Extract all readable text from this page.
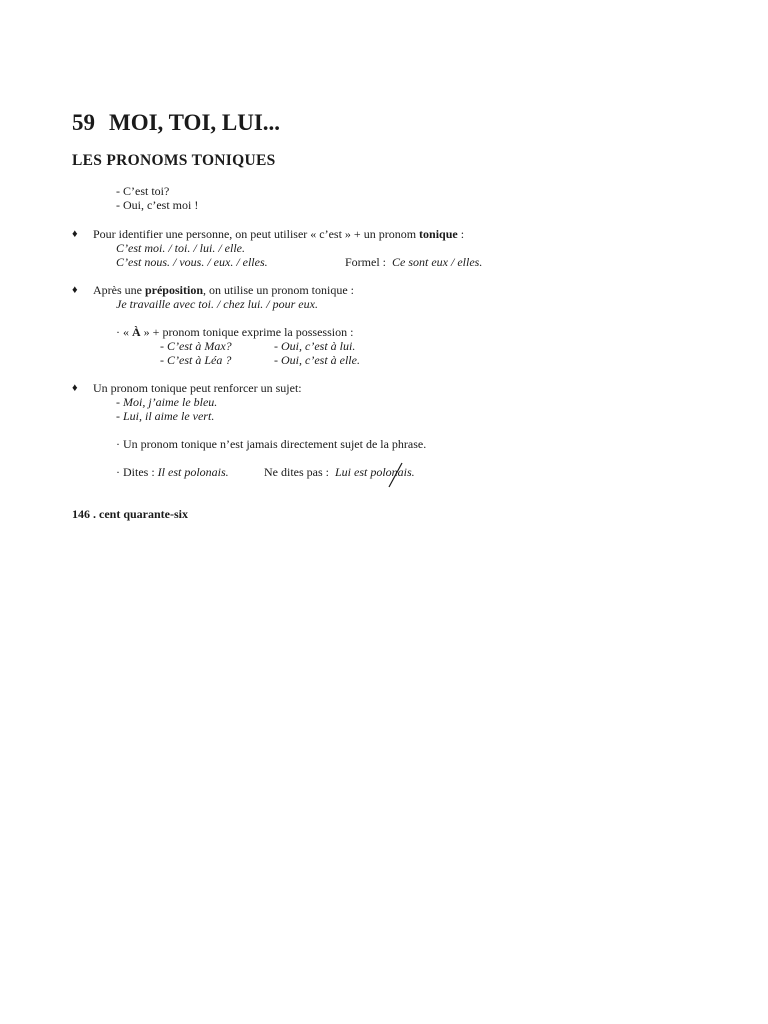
59 MOI, TOI, LUI...
LES PRONOMS TONIQUES
- C’est toi?
- Oui, c’est moi !
♦ Pour identifier une personne, on peut utiliser « c’est » + un pronom tonique :
C’est moi. / toi. / lui. / elle.
C’est nous. / vous. / eux. / elles.	Formel : Ce sont eux / elles.
♦ Après une préposition, on utilise un pronom tonique :
Je travaille avec toi. / chez lui. / pour eux.
· « À » + pronom tonique exprime la possession :
- C’est à Max?	- Oui, c’est à lui.
- C’est à Léa ?	- Oui, c’est à elle.
♦ Un pronom tonique peut renforcer un sujet:
- Moi, j’aime le bleu.
- Lui, il aime le vert.
· Un pronom tonique n’est jamais directement sujet de la phrase.
· Dites : Il est polonais.	Ne dites pas : Lui est polonais.
146 . cent quarante-six
